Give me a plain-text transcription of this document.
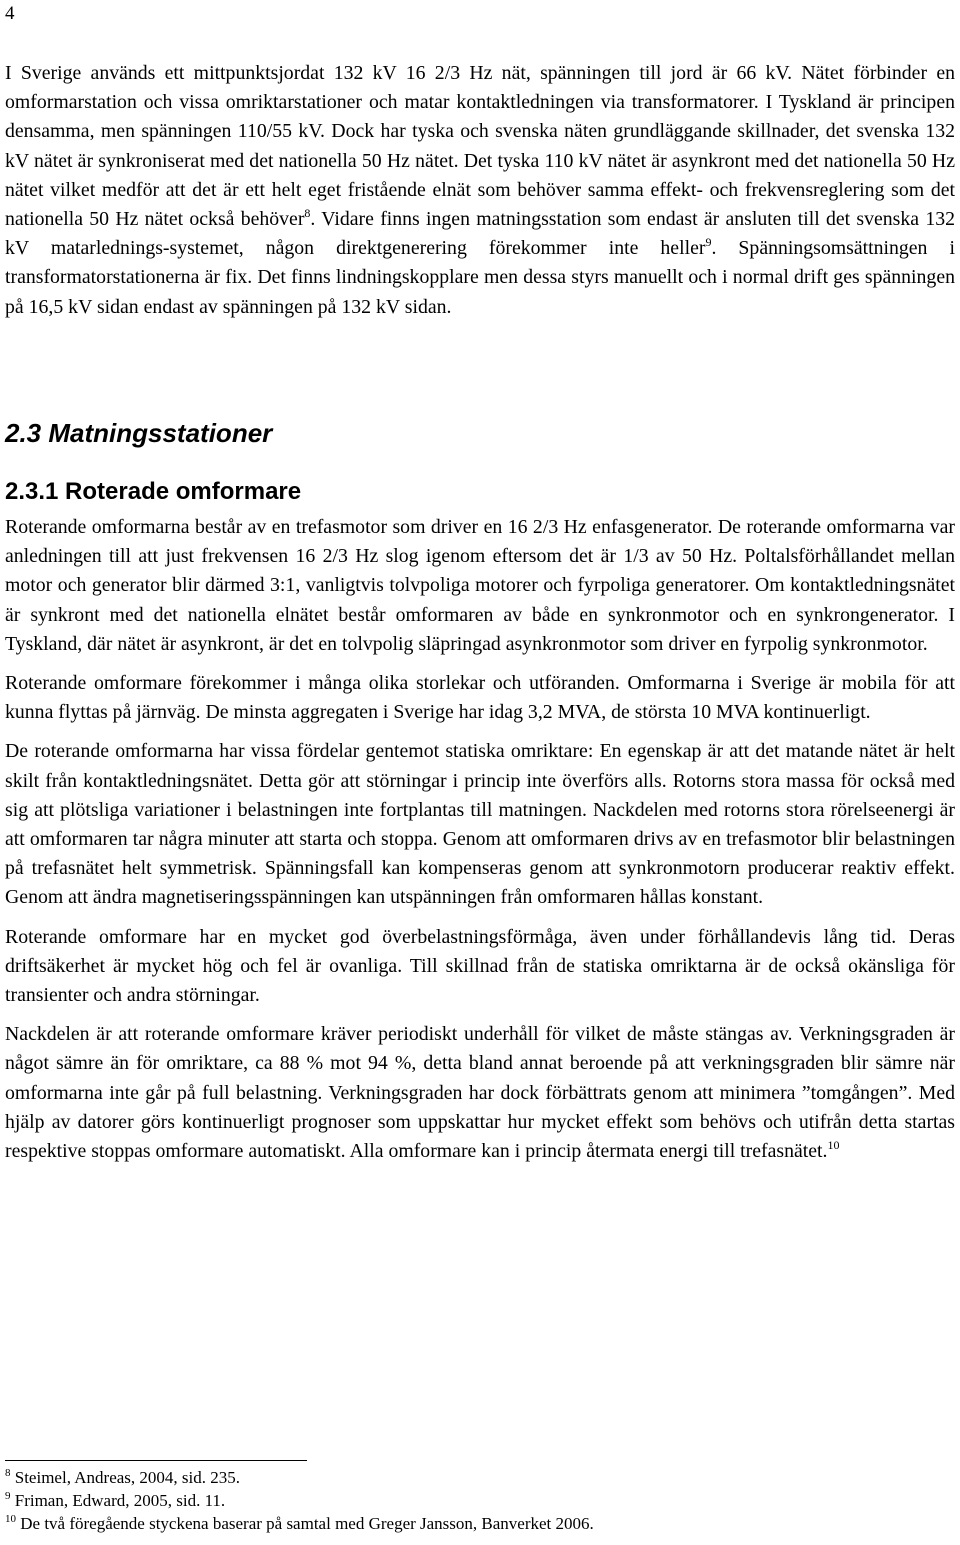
4

I Sverige används ett mittpunktsjordat 132 kV 16 2/3 Hz nät, spänningen till jord är 66 kV. Nätet förbinder en omformarstation och vissa omriktarstationer och matar kontaktledningen via transformatorer. I Tyskland är principen densamma, men spänningen 110/55 kV. Dock har tyska och svenska näten grundläggande skillnader, det svenska 132 kV nätet är synkroniserat med det nationella 50 Hz nätet. Det tyska 110 kV nätet är asynkront med det nationella 50 Hz nätet vilket medför att det är ett helt eget fristående elnät som behöver samma effekt- och frekvensreglering som det nationella 50 Hz nätet också behöver$^8$. Vidare finns ingen matningsstation som endast är ansluten till det svenska 132 kV matarlednings-systemet, någon direktgenerering förekommer inte heller$^9$. Spänningsomsättningen i transformatorstationerna är fix. Det finns lindningskopplare men dessa styrs manuellt och i normal drift ges spänningen på 16,5 kV sidan endast av spänningen på 132 kV sidan.

2.3 Matningsstationer
2.3.1 Roterade omformare

Roterande omformarna består av en trefasmotor som driver en 16 2/3 Hz enfasgenerator. De roterande omformarna var anledningen till att just frekvensen 16 2/3 Hz slog igenom eftersom det är 1/3 av 50 Hz. Poltalsförhållandet mellan motor och generator blir därmed 3:1, vanligtvis tolvpoliga motorer och fyrpoliga generatorer. Om kontaktledningsnätet är synkront med det nationella elnätet består omformaren av både en synkronmotor och en synkrongenerator. I Tyskland, där nätet är asynkront, är det en tolvpolig släpringad asynkronmotor som driver en fyrpolig synkronmotor.

Roterande omformare förekommer i många olika storlekar och utföranden. Omformarna i Sverige är mobila för att kunna flyttas på järnväg. De minsta aggregaten i Sverige har idag 3,2 MVA, de största 10 MVA kontinuerligt.

De roterande omformarna har vissa fördelar gentemot statiska omriktare: En egenskap är att det matande nätet är helt skilt från kontaktledningsnätet. Detta gör att störningar i princip inte överförs alls. Rotorns stora massa för också med sig att plötsliga variationer i belastningen inte fortplantas till matningen. Nackdelen med rotorns stora rörelseenergi är att omformaren tar några minuter att starta och stoppa. Genom att omformaren drivs av en trefasmotor blir belastningen på trefasnätet helt symmetrisk. Spänningsfall kan kompenseras genom att synkronmotorn producerar reaktiv effekt. Genom att ändra magnetiseringsspänningen kan utspänningen från omformaren hållas konstant.

Roterande omformare har en mycket god överbelastningsförmåga, även under förhållandevis lång tid. Deras driftsäkerhet är mycket hög och fel är ovanliga. Till skillnad från de statiska omriktarna är de också okänsliga för transienter och andra störningar.

Nackdelen är att roterande omformare kräver periodiskt underhåll för vilket de måste stängas av. Verkningsgraden är något sämre än för omriktare, ca 88 % mot 94 %, detta bland annat beroende på att verkningsgraden blir sämre när omformarna inte går på full belastning. Verkningsgraden har dock förbättrats genom att minimera ”tomgången”. Med hjälp av datorer görs kontinuerligt prognoser som uppskattar hur mycket effekt som behövs och utifrån detta startas respektive stoppas omformare automatiskt. Alla omformare kan i princip återmata energi till trefasnätet.$^{10}$

$^8$ Steimel, Andreas, 2004, sid. 235.
$^9$ Friman, Edward, 2005, sid. 11.
$^{10}$ De två föregående styckena baserar på samtal med Greger Jansson, Banverket 2006.
